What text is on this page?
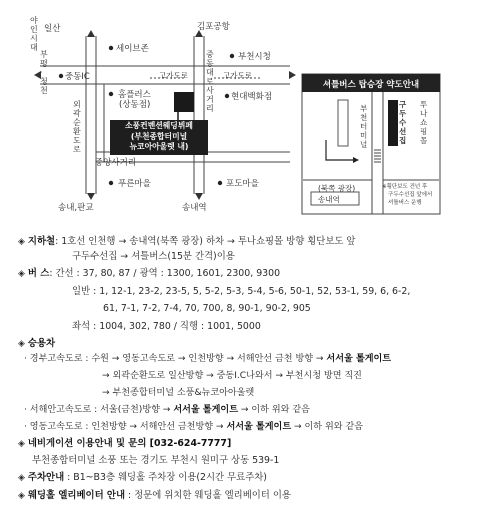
야인시대
일산	김포공항
부평·청천
세이브존
중동대로사거리
부천시청
중동IC	고가도로	고가도로
홈플러스
(상동점)
현대백화점
외곽순환도로
소풍컨벤션웨딩뷔페
(부천종합터미널
뉴코아아울렛 내)
중앙사거리
푸른마을	포도마을
송내,판교	송내역
셔틀버스 탑승장 약도안내
부천터미널
구두수선집
투나쇼핑몰
(북쪽 광장)
송내역
※횡단보도 건넌 후
구두수선집 앞에서
셔틀버스 운행
◈ 지하철: 1호선 인천행 → 송내역(북쪽 광장) 하차 → 투나쇼핑몰 방향 횡단보도 앞
구두수선집 → 셔틀버스(15분 간격)이용
◈ 버 스: 간선 : 37, 80, 87 / 광역 : 1300, 1601, 2300, 9300
일반 : 1, 12-1, 23-2, 23-5, 5, 5-2, 5-3, 5-4, 5-6, 50-1, 52, 53-1, 59, 6, 6-2,
61, 7-1, 7-2, 7-4, 70, 700, 8, 90-1, 90-2, 905
좌석 : 1004, 302, 780 / 직행 : 1001, 5000
◈ 승용차
· 경부고속도로 : 수원 → 영동고속도로 → 인천방향 → 서해안선 금천 방향 → 서서울 톨게이트
→ 외곽순환도로 일산방향 → 중동I.C나와서 → 부천시청 방면 직진
→ 부천종합터미널 소풍&뉴코아아울렛
· 서해안고속도로 : 서울(금천)방향 → 서서울 톨게이트 → 이하 위와 같음
· 영동고속도로 : 인천방향 → 서해안선 금천방향 → 서서울 톨게이트 → 이하 위와 같음
◈ 네비게이션 이용안내 및 문의 [032-624-7777]
부천종합터미널 소풍 또는 경기도 부천시 원미구 상동 539-1
◈ 주차안내 : B1~B3층 웨딩홀 주차장 이용(2시간 무료주차)
◈ 웨딩홀 엘리베이터 안내 : 정문에 위치한 웨딩홀 엘리베이터 이용
